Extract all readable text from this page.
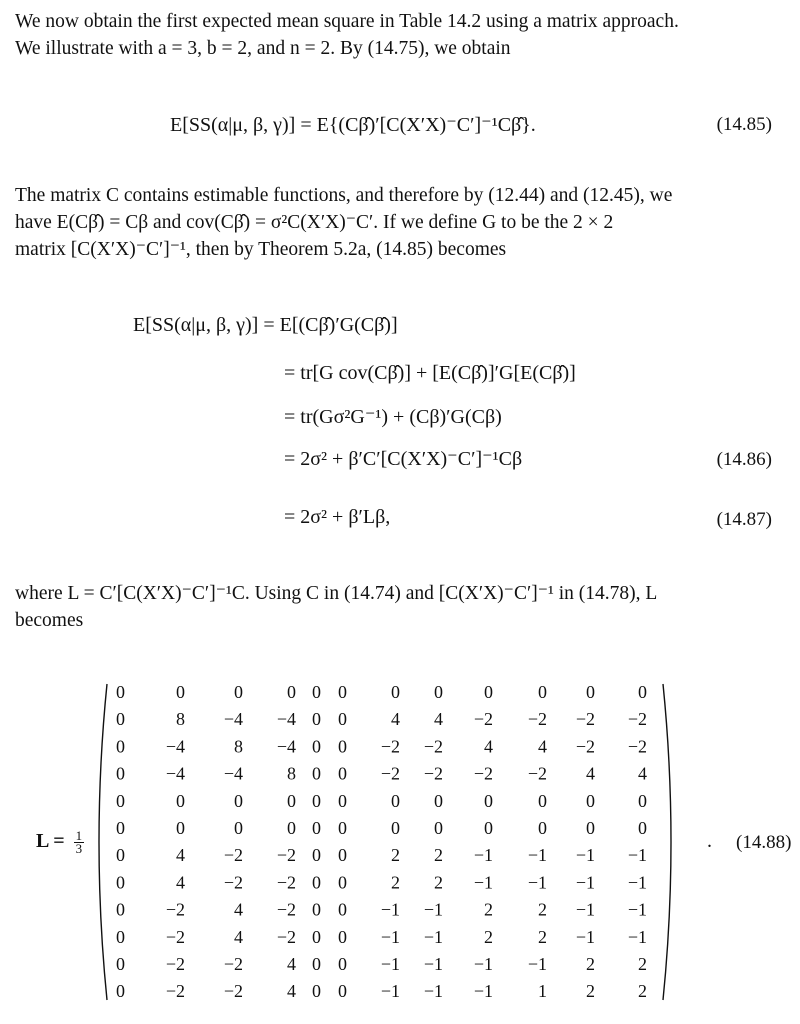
We now obtain the first expected mean square in Table 14.2 using a matrix approach.
We illustrate with a = 3, b = 2, and n = 2. By (14.75), we obtain
E[SS(α|μ, β, γ)] = E{(Cβ̂)′[C(X′X)⁻C′]⁻¹Cβ̂}.	(14.85)
The matrix C contains estimable functions, and therefore by (12.44) and (12.45), we
have E(Cβ̂) = Cβ and cov(Cβ̂) = σ²C(X′X)⁻C′. If we define G to be the 2 × 2
matrix [C(X′X)⁻C′]⁻¹, then by Theorem 5.2a, (14.85) becomes
E[SS(α|μ, β, γ)] = E[(Cβ̂)′G(Cβ̂)]
= tr[G cov(Cβ̂)] + [E(Cβ̂)]′G[E(Cβ̂)]
= tr(Gσ²G⁻¹) + (Cβ)′G(Cβ)
= 2σ² + β′C′[C(X′X)⁻C′]⁻¹Cβ	(14.86)
= 2σ² + β′Lβ,	(14.87)
where L = C′[C(X′X)⁻C′]⁻¹C. Using C in (14.74) and [C(X′X)⁻C′]⁻¹ in (14.78), L
becomes
$L = \frac{1}{3}$
0	0	0 0 0 0 0 0 0	0 0 0
0	8 −4 −4 0 0 4 4 −2 −2 −2 −2
0 −4	8 −4 0 0 −2 −2 4	4 −2 −2
0 −4 −4 8 0 0 −2 −2 −2 −2 4 4
0	0	0 0 0 0 0 0 0	0 0 0
0	0	0 0 0 0 0 0 0	0 0 0
0	4 −2 −2 0 0 2 2 −1 −1 −1 −1
0	4 −2 −2 0 0 2 2 −1 −1 −1 −1
0 −2	4 −2 0 0 −1 −1 2	2 −1 −1
0 −2	4 −2 0 0 −1 −1 2	2 −1 −1
0 −2 −2 4 0 0 −1 −1 −1 −1 2 2
0 −2 −2 4 0 0 −1 −1 −1	1 2 2
. (14.88)
